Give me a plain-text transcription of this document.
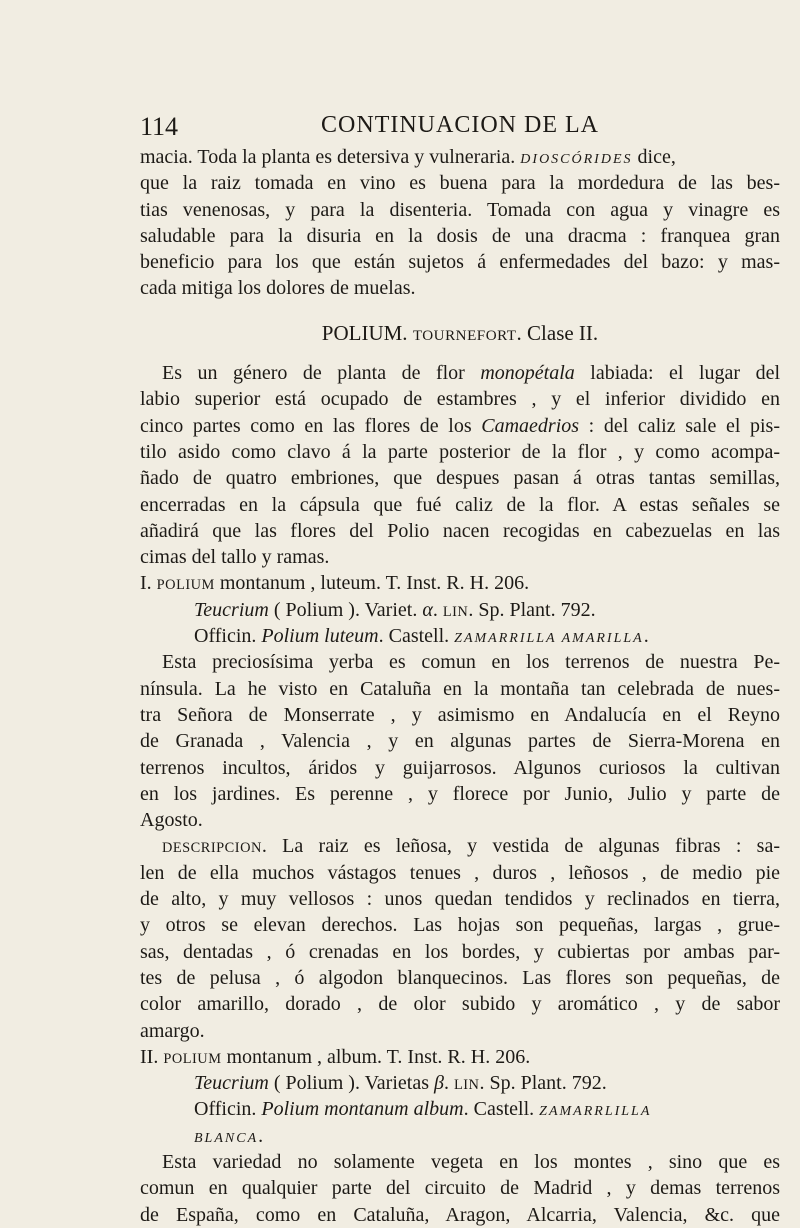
114	CONTINUACION DE LA
macia. Toda la planta es detersiva y vulneraria. DIOSCÓRIDES dice,
que la raiz tomada en vino es buena para la mordedura de las bes-
tias venenosas, y para la disenteria. Tomada con agua y vinagre es
saludable para la disuria en la dosis de una dracma : franquea gran
beneficio para los que están sujetos á enfermedades del bazo: y mas-
cada mitiga los dolores de muelas.
POLIUM. TOURNEFORT. Clase II.
Es un género de planta de flor monopétala labiada: el lugar del
labio superior está ocupado de estambres , y el inferior dividido en
cinco partes como en las flores de los Camaedrios : del caliz sale el pis-
tilo asido como clavo á la parte posterior de la flor , y como acompa-
ñado de quatro embriones, que despues pasan á otras tantas semillas,
encerradas en la cápsula que fué caliz de la flor. A estas señales se
añadirá que las flores del Polio nacen recogidas en cabezuelas en las
cimas del tallo y ramas.
I. POLIUM montanum , luteum. T. Inst. R. H. 206.
Teucrium ( Polium ). Variet. α. LIN. Sp. Plant. 792.
Officin. Polium luteum. Castell. ZAMARRILLA AMARILLA.
Esta preciosísima yerba es comun en los terrenos de nuestra Pe-
nínsula. La he visto en Cataluña en la montaña tan celebrada de nues-
tra Señora de Monserrate , y asimismo en Andalucía en el Reyno
de Granada , Valencia , y en algunas partes de Sierra-Morena en
terrenos incultos, áridos y guijarrosos. Algunos curiosos la cultivan
en los jardines. Es perenne , y florece por Junio, Julio y parte de
Agosto.
DESCRIPCION. La raiz es leñosa, y vestida de algunas fibras : sa-
len de ella muchos vástagos tenues , duros , leñosos , de medio pie
de alto, y muy vellosos : unos quedan tendidos y reclinados en tierra,
y otros se elevan derechos. Las hojas son pequeñas, largas , grue-
sas, dentadas , ó crenadas en los bordes, y cubiertas por ambas par-
tes de pelusa , ó algodon blanquecinos. Las flores son pequeñas, de
color amarillo, dorado , de olor subido y aromático , y de sabor
amargo.
II. POLIUM montanum , album. T. Inst. R. H. 206.
Teucrium ( Polium ). Varietas β. LIN. Sp. Plant. 792.
Officin. Polium montanum album. Castell. ZAMARRLILLA
BLANCA.
Esta variedad no solamente vegeta en los montes , sino que es
comun en qualquier parte del circuito de Madrid , y demas terrenos
de España, como en Cataluña, Aragon, Alcarria, Valencia, &c. que
